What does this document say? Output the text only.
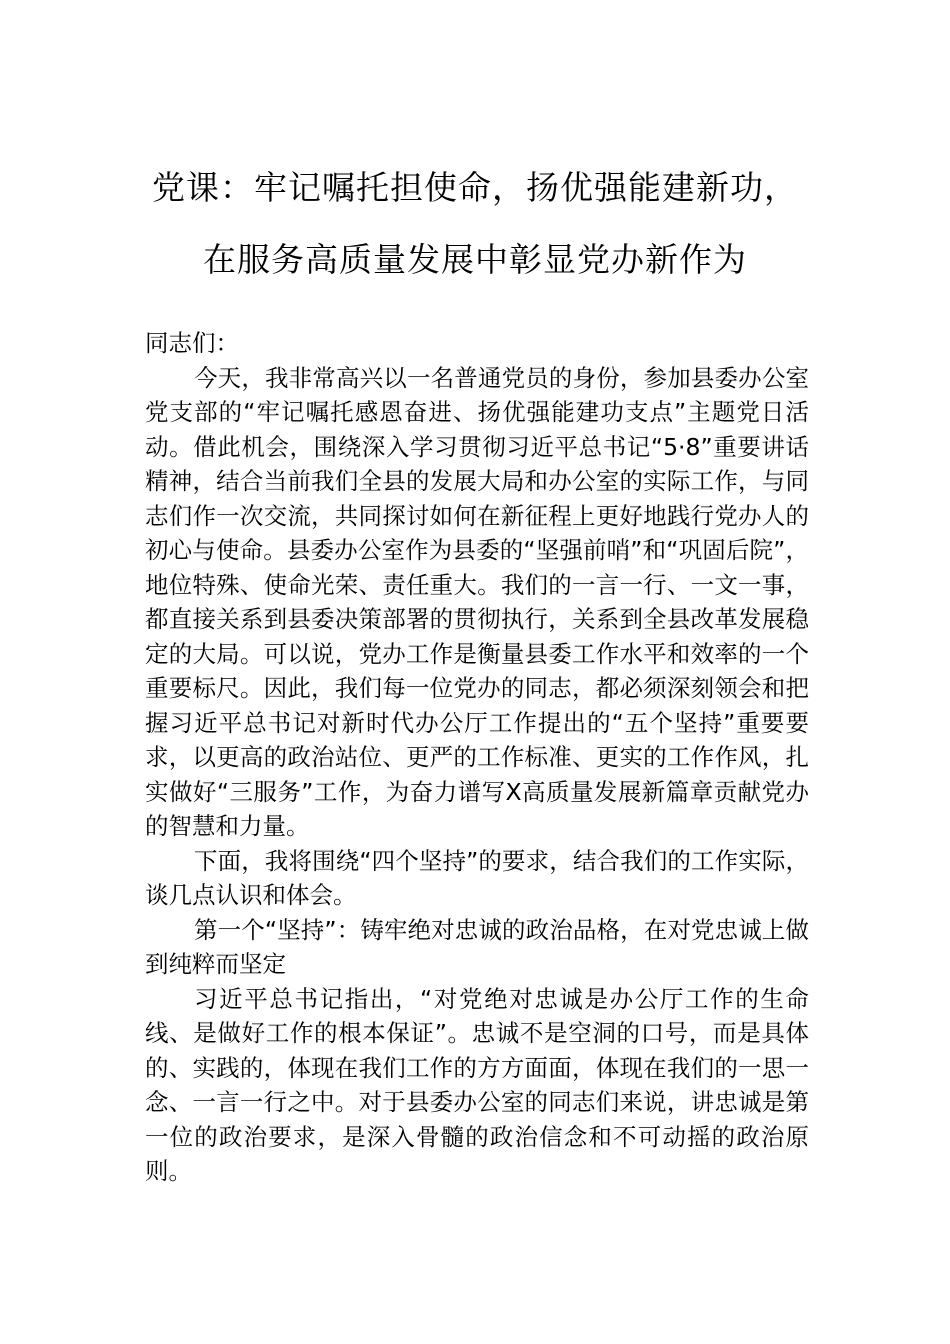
党课：牢记嘱托担使命，扬优强能建新功，
在服务高质量发展中彰显党办新作为

同志们：

今天，我非常高兴以一名普通党员的身份，参加县委办公室党支部的“牢记嘱托感恩奋进、扬优强能建功支点”主题党日活动。借此机会，围绕深入学习贯彻习近平总书记“5·8”重要讲话精神，结合当前我们全县的发展大局和办公室的实际工作，与同志们作一次交流，共同探讨如何在新征程上更好地践行党办人的初心与使命。县委办公室作为县委的“坚强前哨”和“巩固后院”，地位特殊、使命光荣、责任重大。我们的一言一行、一文一事，都直接关系到县委决策部署的贯彻执行，关系到全县改革发展稳定的大局。可以说，党办工作是衡量县委工作水平和效率的一个重要标尺。因此，我们每一位党办的同志，都必须深刻领会和把握习近平总书记对新时代办公厅工作提出的“五个坚持”重要要求，以更高的政治站位、更严的工作标准、更实的工作作风，扎实做好“三服务”工作，为奋力谱写X高质量发展新篇章贡献党办的智慧和力量。

下面，我将围绕“四个坚持”的要求，结合我们的工作实际，谈几点认识和体会。

第一个“坚持”：铸牢绝对忠诚的政治品格，在对党忠诚上做到纯粹而坚定

习近平总书记指出，“对党绝对忠诚是办公厅工作的生命线、是做好工作的根本保证”。忠诚不是空洞的口号，而是具体的、实践的，体现在我们工作的方方面面，体现在我们的一思一念、一言一行之中。对于县委办公室的同志们来说，讲忠诚是第一位的政治要求，是深入骨髓的政治信念和不可动摇的政治原则。
